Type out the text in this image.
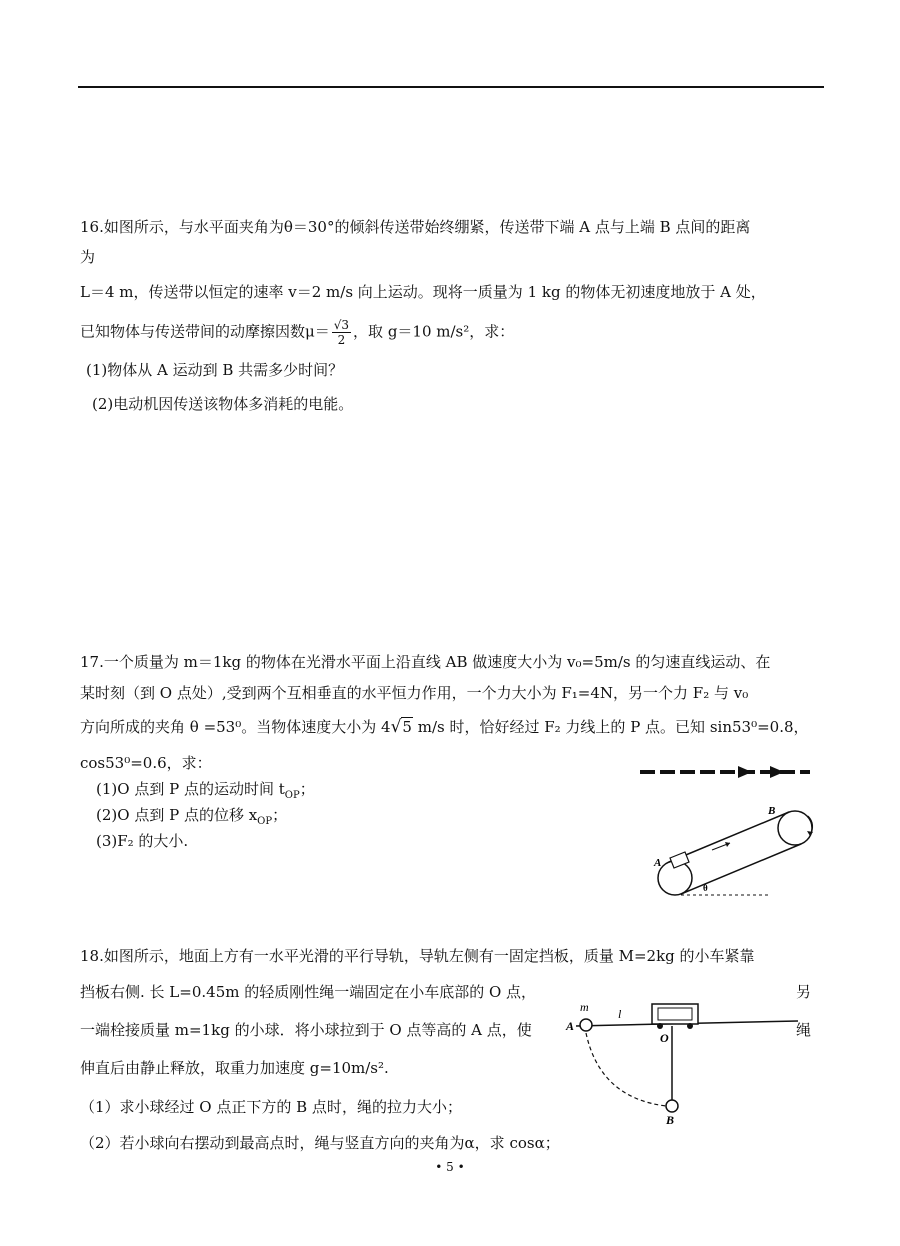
16.如图所示，与水平面夹角为θ＝30°的倾斜传送带始终绷紧，传送带下端 A 点与上端 B 点间的距离
为
L＝4 m，传送带以恒定的速率 v＝2 m/s 向上运动。现将一质量为 1 kg 的物体无初速度地放于 A 处，
已知物体与传送带间的动摩擦因数$\mu= \frac{√3}{2}$ ，取 g＝10 m/s²，求：
(1)物体从 A 运动到 B 共需多少时间？
(2)电动机因传送该物体多消耗的电能。
17.一个质量为 m＝1kg 的物体在光滑水平面上沿直线 AB 做速度大小为 v₀=5m/s 的匀速直线运动、在
某时刻（到 O 点处）,受到两个互相垂直的水平恒力作用，一个力大小为 F₁=4N，另一个力 F₂ 与 v₀
方向所成的夹角 θ =53⁰。当物体速度大小为 4√5 m/s 时，恰好经过 F₂ 力线上的 P 点。已知 sin53⁰=0.8，
cos53⁰=0.6，求：
(1)O 点到 P 点的运动时间 $t_{OP}$；
(2)O 点到 P 点的位移 $x_{OP}$；
(3)F₂ 的大小.
A
B
θ
18.如图所示，地面上方有一水平光滑的平行导轨，导轨左侧有一固定挡板，质量 M=2kg 的小车紧靠
挡板右侧. 长 L=0.45m 的轻质刚性绳一端固定在小车底部的 O 点，	另
一端栓接质量 m=1kg 的小球．将小球拉到于 O 点等高的 A 点，使	绳
伸直后由静止释放，取重力加速度 g=10m/s².
（1）求小球经过 O 点正下方的 B 点时，绳的拉力大小；
（2）若小球向右摆动到最高点时，绳与竖直方向的夹角为α，求 cosα；
m
A
l
O
B
• 5 •
